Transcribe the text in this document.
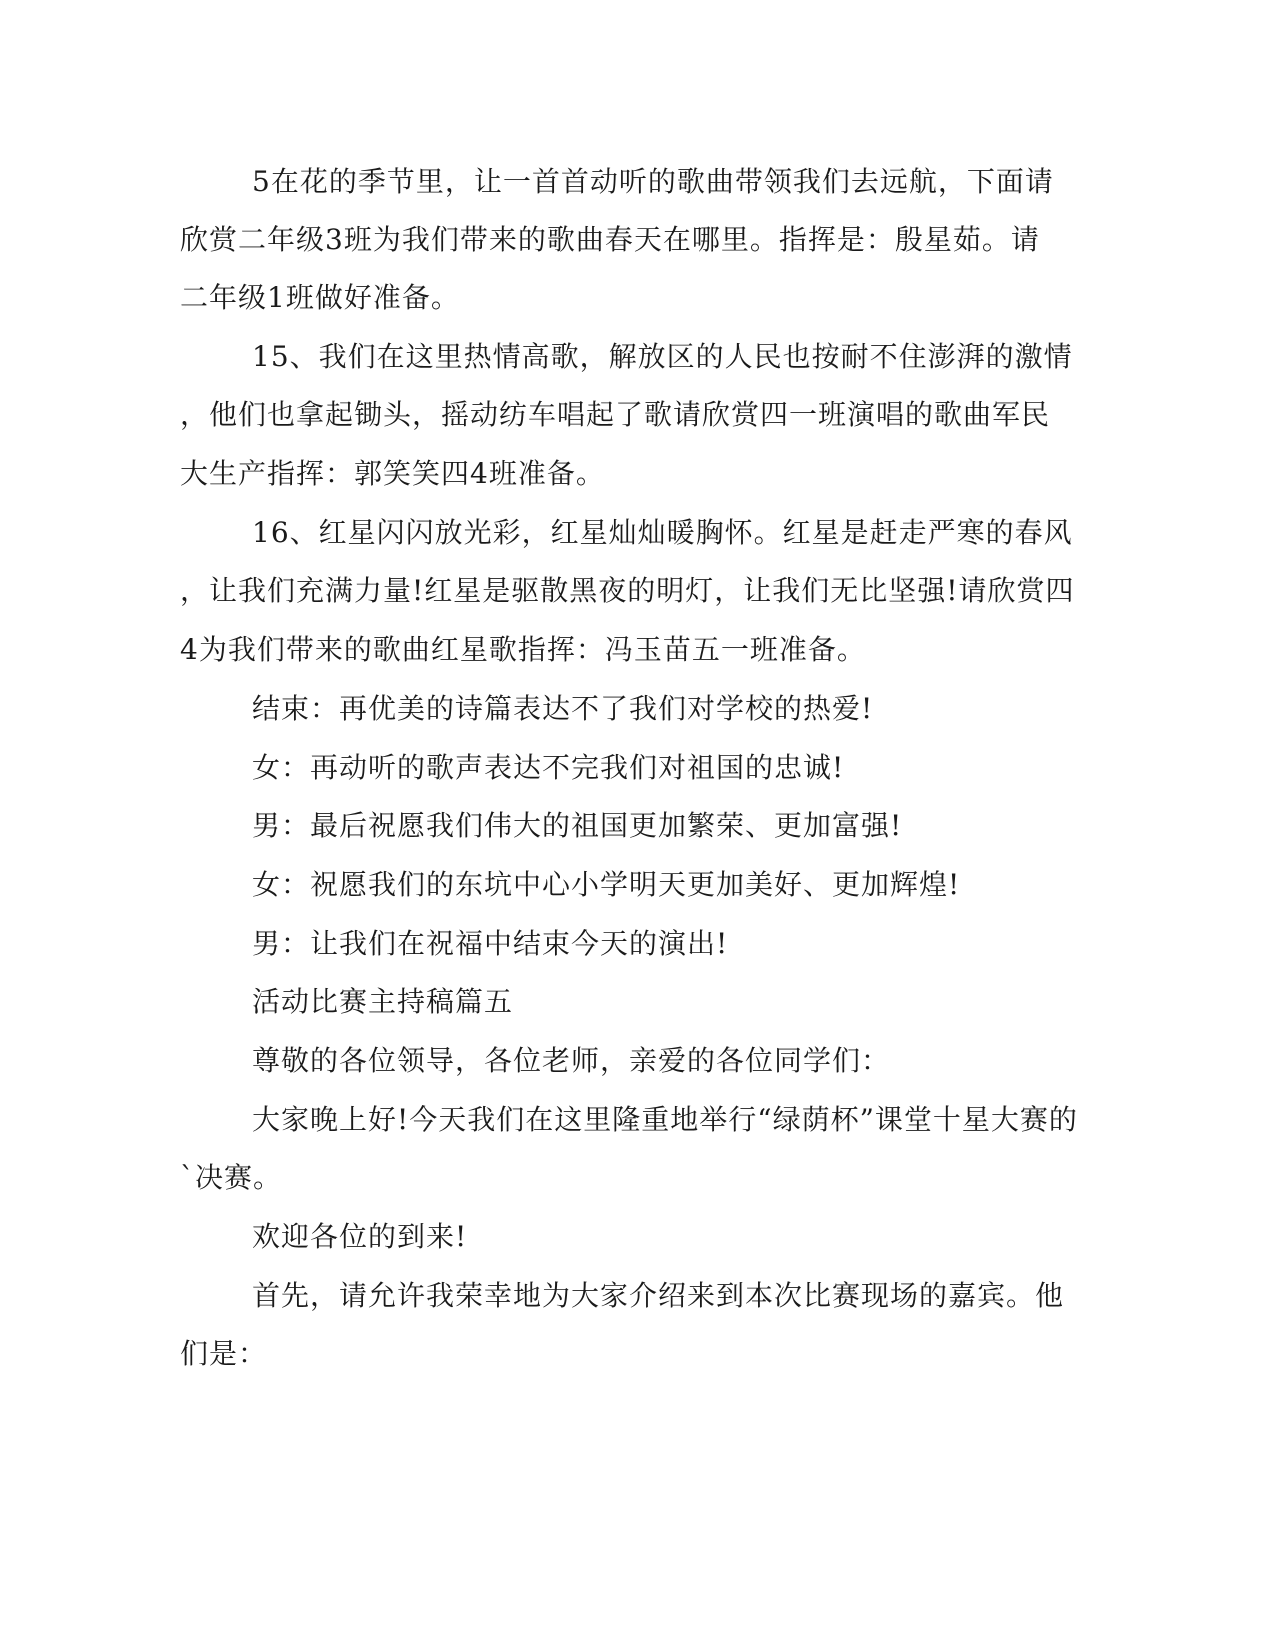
5在花的季节里，让一首首动听的歌曲带领我们去远航，下面请
欣赏二年级3班为我们带来的歌曲春天在哪里。指挥是：殷星茹。请
二年级1班做好准备。
15、我们在这里热情高歌，解放区的人民也按耐不住澎湃的激情
，他们也拿起锄头，摇动纺车唱起了歌请欣赏四一班演唱的歌曲军民
大生产指挥：郭笑笑四4班准备。
16、红星闪闪放光彩，红星灿灿暖胸怀。红星是赶走严寒的春风
，让我们充满力量!红星是驱散黑夜的明灯，让我们无比坚强!请欣赏四
4为我们带来的歌曲红星歌指挥：冯玉苗五一班准备。
结束：再优美的诗篇表达不了我们对学校的热爱!
女：再动听的歌声表达不完我们对祖国的忠诚!
男：最后祝愿我们伟大的祖国更加繁荣、更加富强!
女：祝愿我们的东坑中心小学明天更加美好、更加辉煌!
男：让我们在祝福中结束今天的演出!
活动比赛主持稿篇五
尊敬的各位领导，各位老师，亲爱的各位同学们：
大家晚上好!今天我们在这里隆重地举行“绿荫杯”课堂十星大赛的
`决赛。
欢迎各位的到来!
首先，请允许我荣幸地为大家介绍来到本次比赛现场的嘉宾。他
们是：
